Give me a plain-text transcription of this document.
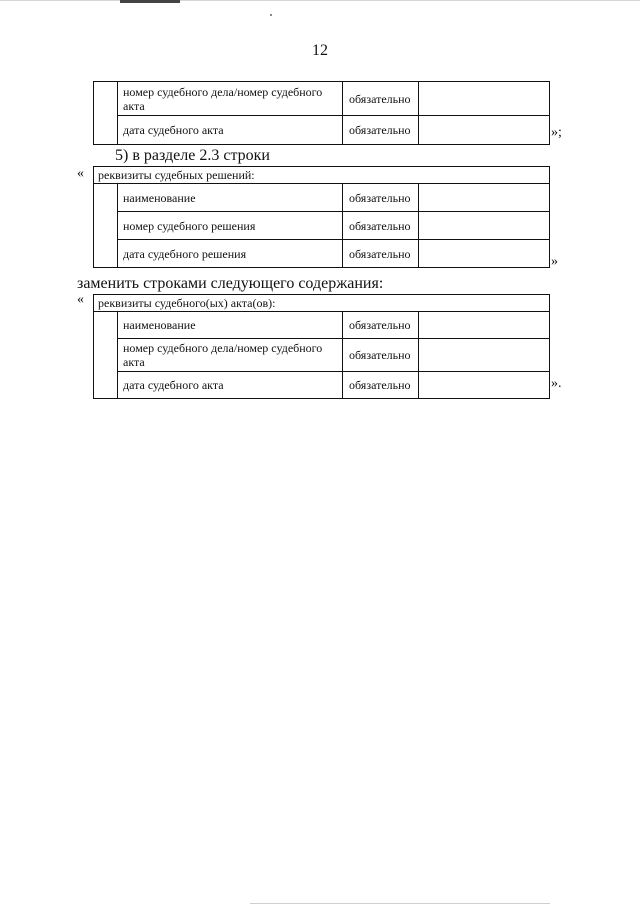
12
	номер судебного дела/номер судебного акта	обязательно	
	дата судебного акта	обязательно		»;
5) в разделе 2.3 строки
« реквизиты судебных решений:			
	наименование	обязательно	
	номер судебного решения	обязательно	
	дата судебного решения	обязательно	
»
заменить строками следующего содержания:
« реквизиты судебного(ых) акта(ов):			
	наименование	обязательно	
	номер судебного дела/номер судебного акта	обязательно	
	дата судебного акта	обязательно		».
